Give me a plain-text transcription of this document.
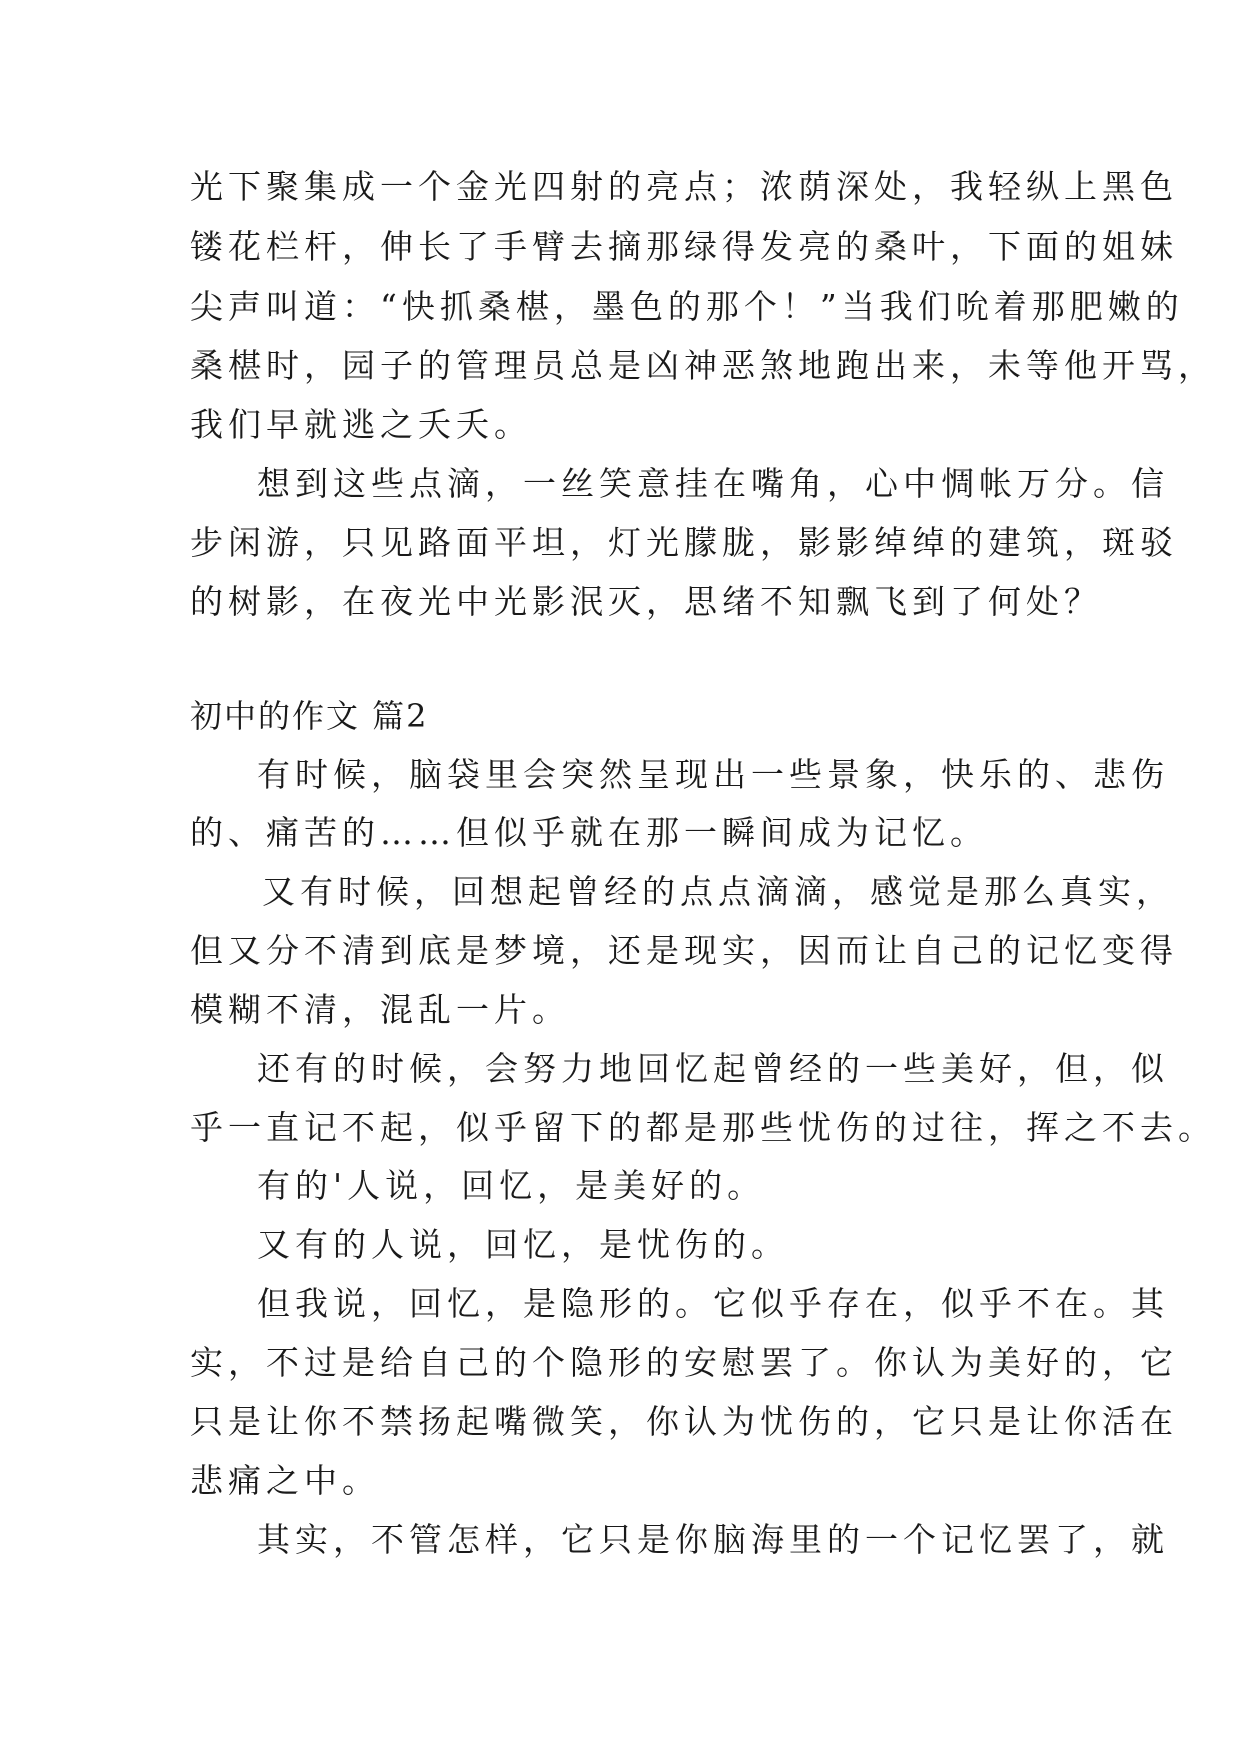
光下聚集成一个金光四射的亮点；浓荫深处，我轻纵上黑色
镂花栏杆，伸长了手臂去摘那绿得发亮的桑叶，下面的姐妹
尖声叫道：“快抓桑椹，墨色的那个！”当我们吮着那肥嫩的
桑椹时，园子的管理员总是凶神恶煞地跑出来，未等他开骂，
我们早就逃之夭夭。
想到这些点滴，一丝笑意挂在嘴角，心中惆帐万分。信
步闲游，只见路面平坦，灯光朦胧，影影绰绰的建筑，斑驳
的树影，在夜光中光影泯灭，思绪不知飘飞到了何处？
初中的作文 篇2
有时候，脑袋里会突然呈现出一些景象，快乐的、悲伤
的、痛苦的……但似乎就在那一瞬间成为记忆。
又有时候，回想起曾经的点点滴滴，感觉是那么真实，
但又分不清到底是梦境，还是现实，因而让自己的记忆变得
模糊不清，混乱一片。
还有的时候，会努力地回忆起曾经的一些美好，但，似
乎一直记不起，似乎留下的都是那些忧伤的过往，挥之不去。
有的'人说，回忆，是美好的。
又有的人说，回忆，是忧伤的。
但我说，回忆，是隐形的。它似乎存在，似乎不在。其
实，不过是给自己的个隐形的安慰罢了。你认为美好的，它
只是让你不禁扬起嘴微笑，你认为忧伤的，它只是让你活在
悲痛之中。
其实，不管怎样，它只是你脑海里的一个记忆罢了，就
